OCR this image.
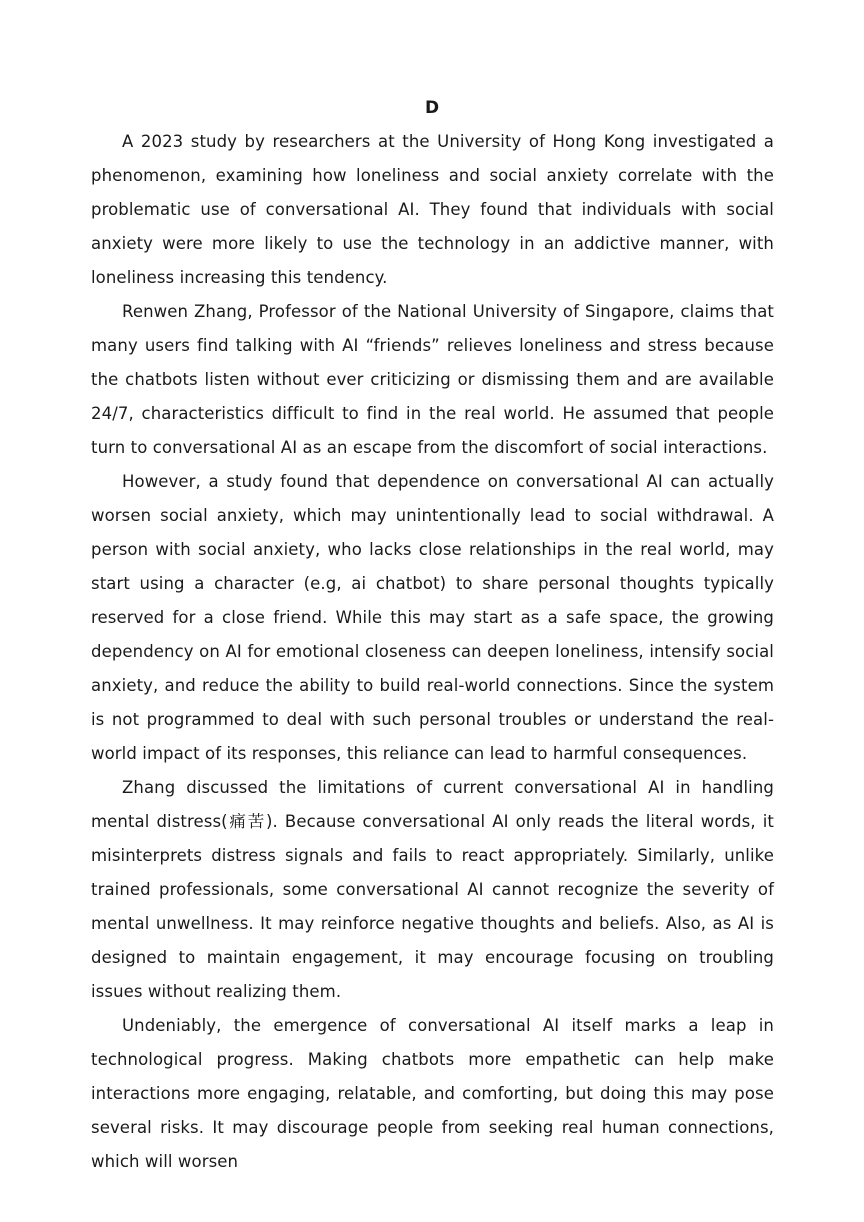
D

A 2023 study by researchers at the University of Hong Kong investigated a phenomenon, examining how loneliness and social anxiety correlate with the problematic use of conversational AI. They found that individuals with social anxiety were more likely to use the technology in an addictive manner, with loneliness increasing this tendency.

Renwen Zhang, Professor of the National University of Singapore, claims that many users find talking with AI “friends” relieves loneliness and stress because the chatbots listen without ever criticizing or dismissing them and are available 24/7, characteristics difficult to find in the real world. He assumed that people turn to conversational AI as an escape from the discomfort of social interactions.

However, a study found that dependence on conversational AI can actually worsen social anxiety, which may unintentionally lead to social withdrawal. A person with social anxiety, who lacks close relationships in the real world, may start using a character (e.g, ai chatbot) to share personal thoughts typically reserved for a close friend. While this may start as a safe space, the growing dependency on AI for emotional closeness can deepen loneliness, intensify social anxiety, and reduce the ability to build real-world connections. Since the system is not programmed to deal with such personal troubles or understand the real-world impact of its responses, this reliance can lead to harmful consequences.

Zhang discussed the limitations of current conversational AI in handling mental distress(痛苦). Because conversational AI only reads the literal words, it misinterprets distress signals and fails to react appropriately. Similarly, unlike trained professionals, some conversational AI cannot recognize the severity of mental unwellness. It may reinforce negative thoughts and beliefs. Also, as AI is designed to maintain engagement, it may encourage focusing on troubling issues without realizing them.

Undeniably, the emergence of conversational AI itself marks a leap in technological progress. Making chatbots more empathetic can help make interactions more engaging, relatable, and comforting, but doing this may pose several risks. It may discourage people from seeking real human connections, which will worsen
